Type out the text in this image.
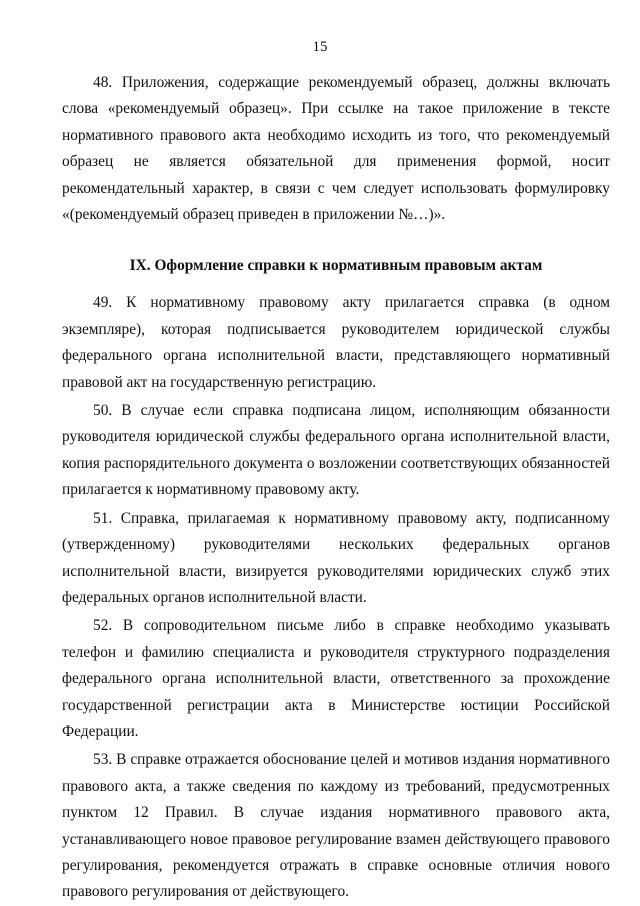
15

48. Приложения, содержащие рекомендуемый образец, должны включать слова «рекомендуемый образец». При ссылке на такое приложение в тексте нормативного правового акта необходимо исходить из того, что рекомендуемый образец не является обязательной для применения формой, носит рекомендательный характер, в связи с чем следует использовать формулировку «(рекомендуемый образец приведен в приложении №…)».

IX. Оформление справки к нормативным правовым актам

49. К нормативному правовому акту прилагается справка (в одном экземпляре), которая подписывается руководителем юридической службы федерального органа исполнительной власти, представляющего нормативный правовой акт на государственную регистрацию.

50. В случае если справка подписана лицом, исполняющим обязанности руководителя юридической службы федерального органа исполнительной власти, копия распорядительного документа о возложении соответствующих обязанностей прилагается к нормативному правовому акту.

51. Справка, прилагаемая к нормативному правовому акту, подписанному (утвержденному) руководителями нескольких федеральных органов исполнительной власти, визируется руководителями юридических служб этих федеральных органов исполнительной власти.

52. В сопроводительном письме либо в справке необходимо указывать телефон и фамилию специалиста и руководителя структурного подразделения федерального органа исполнительной власти, ответственного за прохождение государственной регистрации акта в Министерстве юстиции Российской Федерации.

53. В справке отражается обоснование целей и мотивов издания нормативного правового акта, а также сведения по каждому из требований, предусмотренных пунктом 12 Правил. В случае издания нормативного правового акта, устанавливающего новое правовое регулирование взамен действующего правового регулирования, рекомендуется отражать в справке основные отличия нового правового регулирования от действующего.
